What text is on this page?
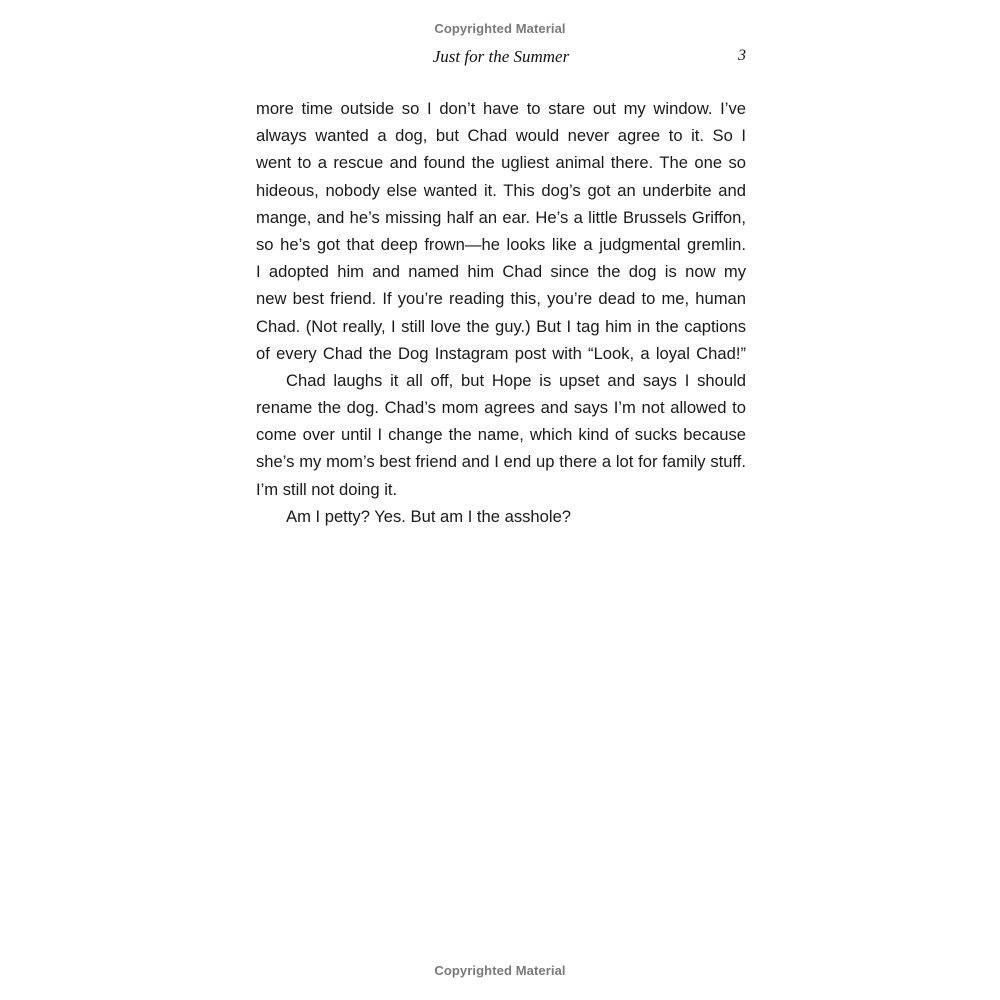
Copyrighted Material
Just for the Summer	3
more time outside so I don’t have to stare out my window. I’ve
always wanted a dog, but Chad would never agree to it. So I
went to a rescue and found the ugliest animal there. The one so
hideous, nobody else wanted it. This dog’s got an underbite and
mange, and he’s missing half an ear. He’s a little Brussels Griffon,
so he’s got that deep frown—he looks like a judgmental gremlin.
I adopted him and named him Chad since the dog is now my
new best friend. If you’re reading this, you’re dead to me, human
Chad. (Not really, I still love the guy.) But I tag him in the captions
of every Chad the Dog Instagram post with “Look, a loyal Chad!”
Chad laughs it all off, but Hope is upset and says I should
rename the dog. Chad’s mom agrees and says I’m not allowed to
come over until I change the name, which kind of sucks because
she’s my mom’s best friend and I end up there a lot for family stuff.
I’m still not doing it.
Am I petty? Yes. But am I the asshole?
Copyrighted Material
